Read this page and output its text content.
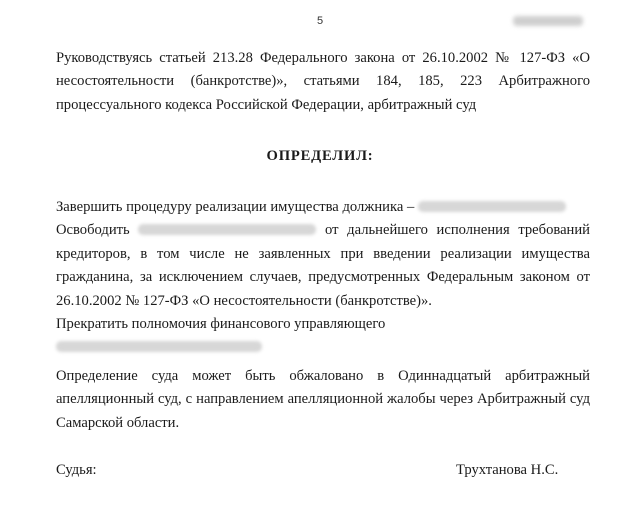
5

Руководствуясь статьей 213.28 Федерального закона от 26.10.2002 № 127-ФЗ «О несостоятельности (банкротстве)», статьями 184, 185, 223 Арбитражного процессуального кодекса Российской Федерации, арбитражный суд

ОПРЕДЕЛИЛ:

Завершить процедуру реализации имущества должника –

Освободить	от дальнейшего исполнения требований

кредиторов, в том числе не заявленных при введении реализации имущества гражданина, за исключением случаев, предусмотренных Федеральным законом от 26.10.2002 № 127-ФЗ «О несостоятельности (банкротстве)».

Прекратить полномочия финансового управляющего

Определение суда может быть обжаловано в Одиннадцатый арбитражный апелляционный суд, с направлением апелляционной жалобы через Арбитражный суд Самарской области.

Судья:	Трухтанова Н.С.
